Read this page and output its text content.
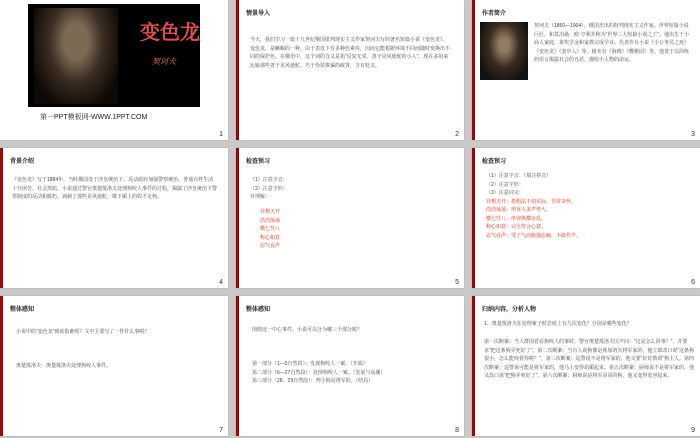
变色龙
契诃夫
第一PPT模板网-WWW.1PPT.COM
1
情景导入
今天，我们学习一篇十九世纪俄国批判现实主义作家契诃夫写的著名短篇小说《变色龙》。变色龙，是蜥蜴的一种。由于表皮下有多种色素块，因而它能根据环境不同而随时变换出不同的保护色。在俄语中，这个词的含义是指“反复无常、善于见风使舵的小人”。现在多用来比喻那些善于见风使舵、巧于伪装欺骗的政客，含有贬义。
2
作者简介
契诃夫（1860—1904），俄国杰出的批判现实主义作家，世界短篇小说巨匠，和莫泊桑、欧·亨利并称为“世界三大短篇小说之王”。他出生于小商人家庭，靠奖学金和家教完成学业。代表作有小说《小公务员之死》《变色龙》《套中人》等，剧本有《海鸥》《樱桃园》等。他善于以简练的语言揭露社会的丑恶，描绘小人物的命运。
3
背景介绍
《变色龙》写于1884年，当时俄国处于沙皇统治下，反动政府加强警察统治，普通百姓生活十分困苦，社会黑暗。小说通过警官奥楚蔑洛夫处理狗咬人事件的过程，揭露了沙皇统治下警察制度的反动和腐朽，讽刺了那些见风使舵、欺下媚上的奴才走狗。
4
检查预习
（1）注意字音：
（2）注意字形：
并理解：
异想天开
浩浩荡荡
横七竖八
称心如意
忍气吞声
5
检查预习
（1）注意字音：（填注拼音）
（2）注意字形：
（3）注意词义：
异想天开：指想法不切实际、非常奇怪。
浩浩荡荡：形容人多声势大。
横七竖八：形容纵横杂乱。
称心如意：完全符合心意。
忍气吞声：受了气而勉强忍耐，不敢作声。
6
整体感知
小说中的“变色龙”到底指谁呢？文中主要写了一件什么事呢？
奥楚蔑洛夫：奥楚蔑洛夫处理狗咬人事件。
7
整体感知
围绕这一中心事件，小说可以分为哪三个部分呢？
第一部分（1—5自然段）：发现狗咬人一案。（开端）
第二部分（6—27自然段）：处理狗咬人一案。（发展与高潮）
第三部分（28、29自然段）：判小狗是将军的。（结局）
8
归纳内容，分析人物
1．奥楚蔑洛夫在处理案子时态度上有几次变化？分别是哪些变化？
第一次断案：当人群围着看狗咬人的事时，警官奥楚蔑洛夫厉声问：“这是怎么回事？”，并要求“把这条狗弄死好了”。第二次断案：当有人说狗像是席加洛夫将军家的，他立即改口说“这条狗很小，怎么能咬着你呢？”。第三次断案：巡警说不是将军家的，他又要“好好教训”狗主人。第四次断案：巡警说可能是将军家的，他马上变得谄媚起来。第五次断案：厨师说不是将军家的，他又改口说“把狗弄死好了”。第六次断案：厨师说是将军哥哥的狗，他又变得宽容起来。
9
